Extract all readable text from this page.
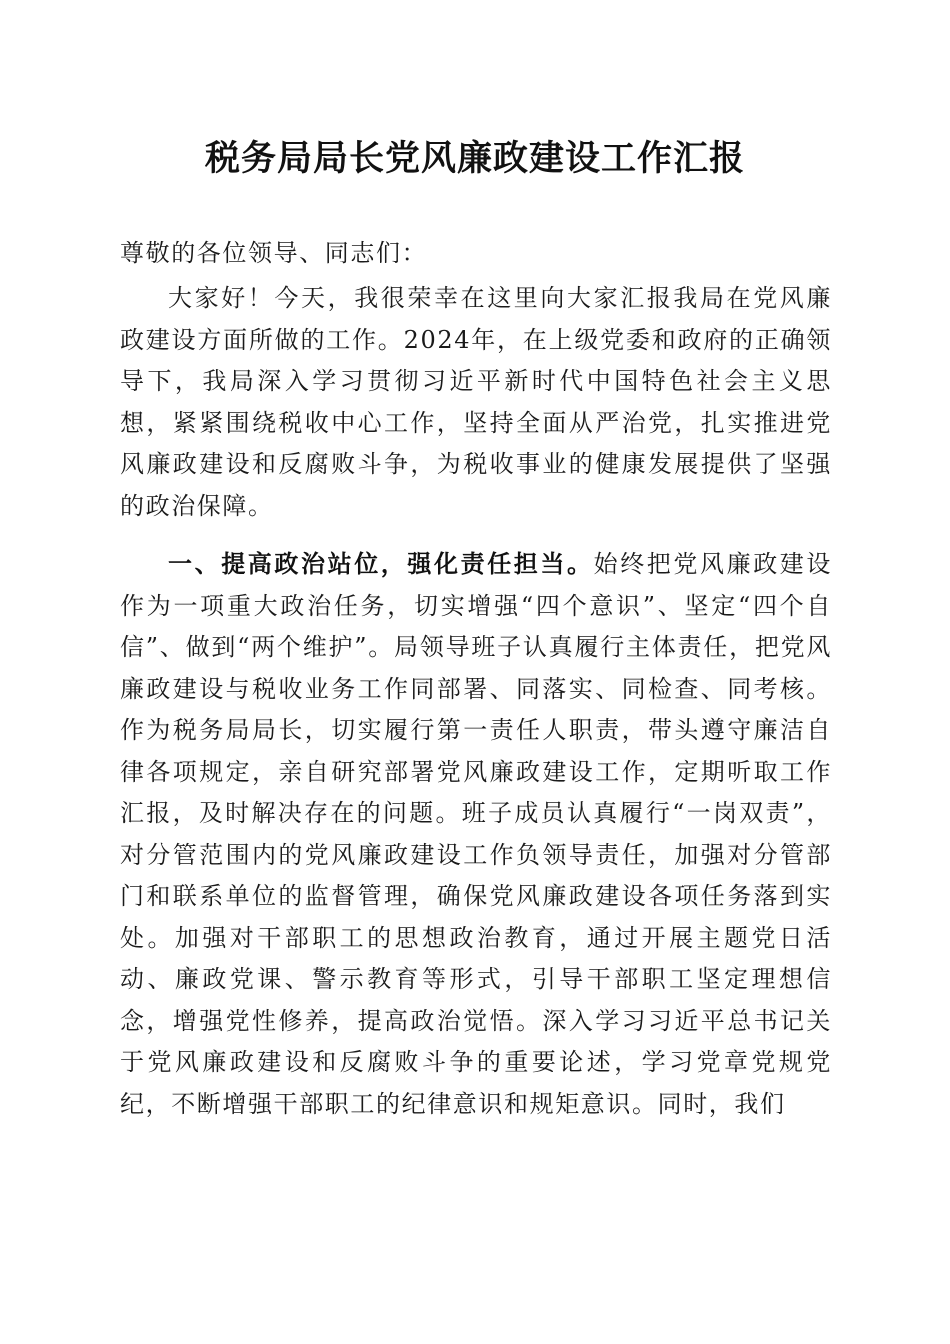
税务局局长党风廉政建设工作汇报
尊敬的各位领导、同志们：
大家好！今天，我很荣幸在这里向大家汇报我局在党风廉政建设方面所做的工作。2024年，在上级党委和政府的正确领导下，我局深入学习贯彻习近平新时代中国特色社会主义思想，紧紧围绕税收中心工作，坚持全面从严治党，扎实推进党风廉政建设和反腐败斗争，为税收事业的健康发展提供了坚强的政治保障。
一、提高政治站位，强化责任担当。始终把党风廉政建设作为一项重大政治任务，切实增强“四个意识”、坚定“四个自信”、做到“两个维护”。局领导班子认真履行主体责任，把党风廉政建设与税收业务工作同部署、同落实、同检查、同考核。作为税务局局长，切实履行第一责任人职责，带头遵守廉洁自律各项规定，亲自研究部署党风廉政建设工作，定期听取工作汇报，及时解决存在的问题。班子成员认真履行“一岗双责”，对分管范围内的党风廉政建设工作负领导责任，加强对分管部门和联系单位的监督管理，确保党风廉政建设各项任务落到实处。加强对干部职工的思想政治教育，通过开展主题党日活动、廉政党课、警示教育等形式，引导干部职工坚定理想信念，增强党性修养，提高政治觉悟。深入学习习近平总书记关于党风廉政建设和反腐败斗争的重要论述，学习党章党规党纪，不断增强干部职工的纪律意识和规矩意识。同时，我们
